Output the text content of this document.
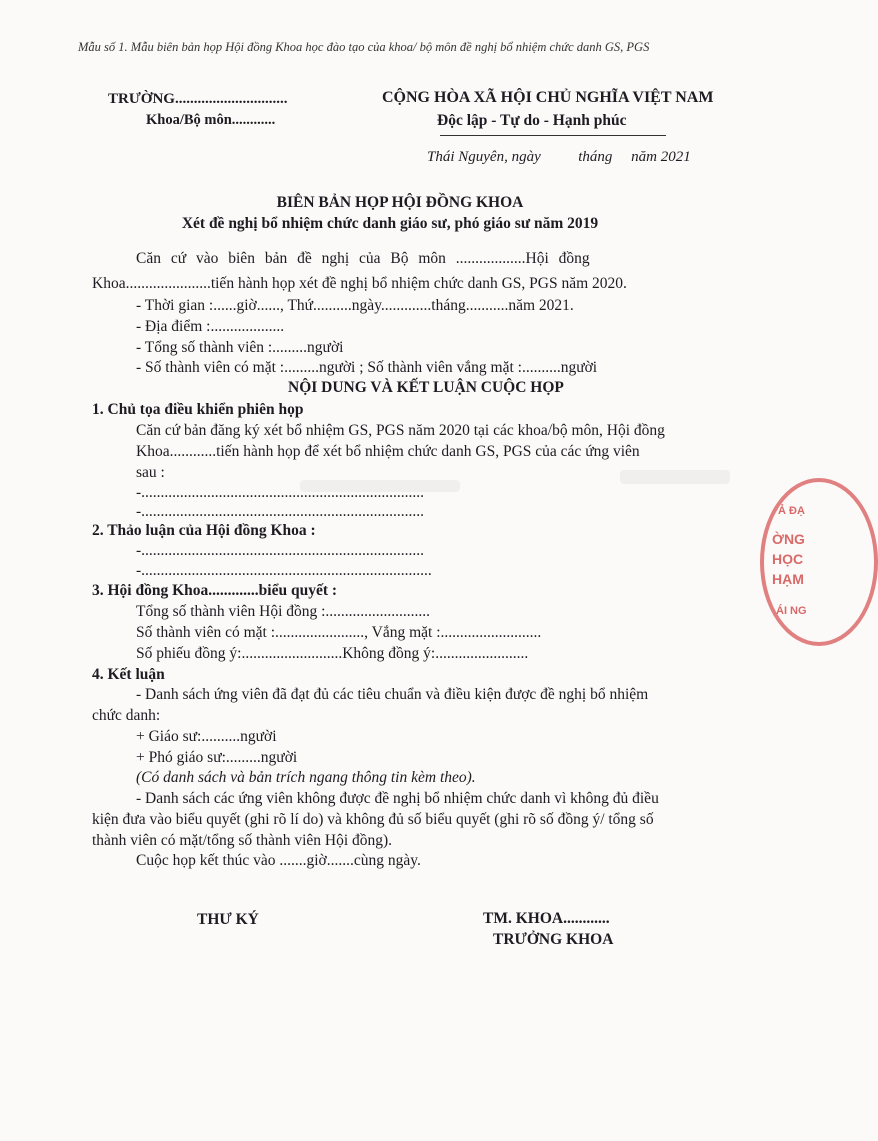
Mẫu số 1. Mẫu biên bản họp Hội đồng Khoa học đào tạo của khoa/ bộ môn đề nghị bổ nhiệm chức danh GS, PGS
TRƯỜNG..............................
Khoa/Bộ môn............
CỘNG HÒA XÃ HỘI CHỦ NGHĨA VIỆT NAM
Độc lập - Tự do - Hạnh phúc
Thái Nguyên, ngày          tháng     năm 2021
BIÊN BẢN HỌP HỘI ĐỒNG KHOA
Xét đề nghị bổ nhiệm chức danh giáo sư, phó giáo sư năm 2019
Căn cứ vào biên bản đề nghị của Bộ môn ..................Hội đồng
Khoa......................tiến hành họp xét đề nghị bổ nhiệm chức danh GS, PGS năm 2020.
- Thời gian :......giờ......, Thứ..........ngày.............tháng...........năm 2021.
- Địa điểm :...................
- Tổng số thành viên :.........người
- Số thành viên có mặt :.........người ; Số thành viên vắng mặt :..........người
NỘI DUNG VÀ KẾT LUẬN CUỘC HỌP
1. Chủ tọa điều khiển phiên họp
Căn cứ bản đăng ký xét bổ nhiệm GS, PGS năm 2020 tại các khoa/bộ môn, Hội đồng
Khoa............tiến hành họp để xét bổ nhiệm chức danh GS, PGS của các ứng viên
sau :
-.........................................................................
-.........................................................................
2. Thảo luận của Hội đồng Khoa :
-.........................................................................
-...........................................................................
3. Hội đồng Khoa.............biểu quyết :
Tổng số thành viên Hội đồng :...........................
Số thành viên có mặt :......................., Vắng mặt :..........................
Số phiếu đồng ý:..........................Không đồng ý:........................
4. Kết luận
- Danh sách ứng viên đã đạt đủ các tiêu chuẩn và điều kiện được đề nghị bổ nhiệm
chức danh:
+ Giáo sư:..........người
+ Phó giáo sư:.........người
(Có danh sách và bản trích ngang thông tin kèm theo).
- Danh sách các ứng viên không được đề nghị bổ nhiệm chức danh vì không đủ điều
kiện đưa vào biểu quyết (ghi rõ lí do) và không đủ số biểu quyết (ghi rõ số đồng ý/ tổng số
thành viên có mặt/tổng số thành viên Hội đồng).
Cuộc họp kết thúc vào .......giờ.......cùng ngày.
THƯ KÝ	TM. KHOA............
TRƯỞNG KHOA
Ả ĐẠ
ỜNG
HỌC
HẠM
ÁI NG
